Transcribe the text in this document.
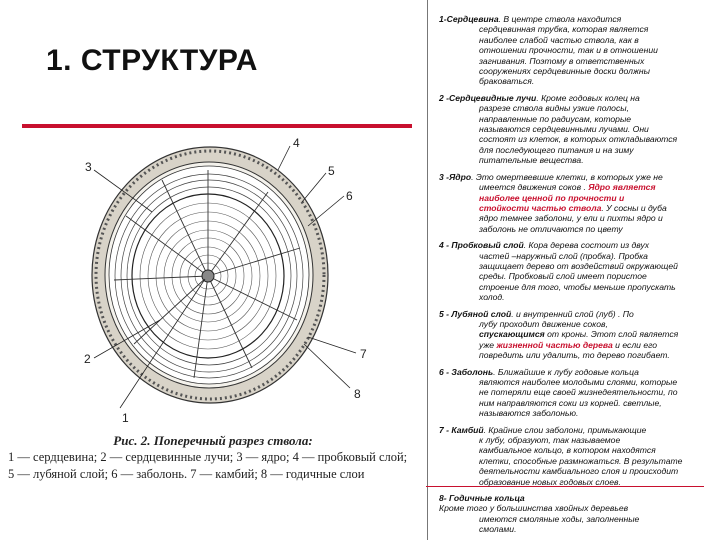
1. СТРУКТУРА
1
2
3
4
5
6
7
8
Рис. 2. Поперечный разрез ствола:
1 — сердцевина; 2 — сердцевинные лучи; 3 — ядро; 4 — пробковый слой;
5 — лубяной слой; 6 — заболонь. 7 — камбий; 8 — годичные слои
1-Сердцевина. В центре ствола находится
сердцевинная трубка, которая является
наиболее слабой частью ствола, как в
отношении прочности, так и в отношении
загнивания. Поэтому в ответственных
сооружениях сердцевинные доски должны
браковаться.
2 -Сердцевидные лучи. Кроме годовых колец на
разрезе ствола видны узкие полосы,
направленные по радиусам, которые
называются сердцевинными лучами. Они
состоят из клеток, в которых откладываются
для последующего питания и на зиму
питательные вещества.
3 -Ядро. Это омертвевшие клетки, в которых уже не
имеется движения соков . Ядро является
наиболее ценной по прочности и
стойкости частью ствола. У сосны и дуба
ядро темнее заболони, у ели и пихты ядро и
заболонь не отличаются по цвету
4 - Пробковый слой. Кора дерева состоит из двух
частей –наружный слой (пробка). Пробка
защищает дерево от воздействий окружающей
среды. Пробковый слой имеет пористое
строение для того, чтобы меньше пропускать
холод.
5 - Лубяной слой. и внутренний слой (луб) . По
лубу проходит движение соков,
спускающимся от кроны. Этот слой является
уже жизненной частью дерева и если его
повредить или удалить, то дерево погибает.
6 - Заболонь. Ближайшие к лубу годовые кольца
являются наиболее молодыми слоями, которые
не потеряли еще своей жизнедеятельности, по
ним направляются соки из корней. светлые,
называются заболонью.
7 - Камбий. Крайние слои заболони, примыкающие
к лубу, образуют, так называемое
камбиальное кольцо, в котором находятся
клетки, способные размножаться. В результате
деятельности камбиального слоя и происходит
образование новых годовых слоев.
8- Годичные кольца
Кроме того у большинства хвойных деревьев
имеются смоляные ходы, заполненные
смолами.
